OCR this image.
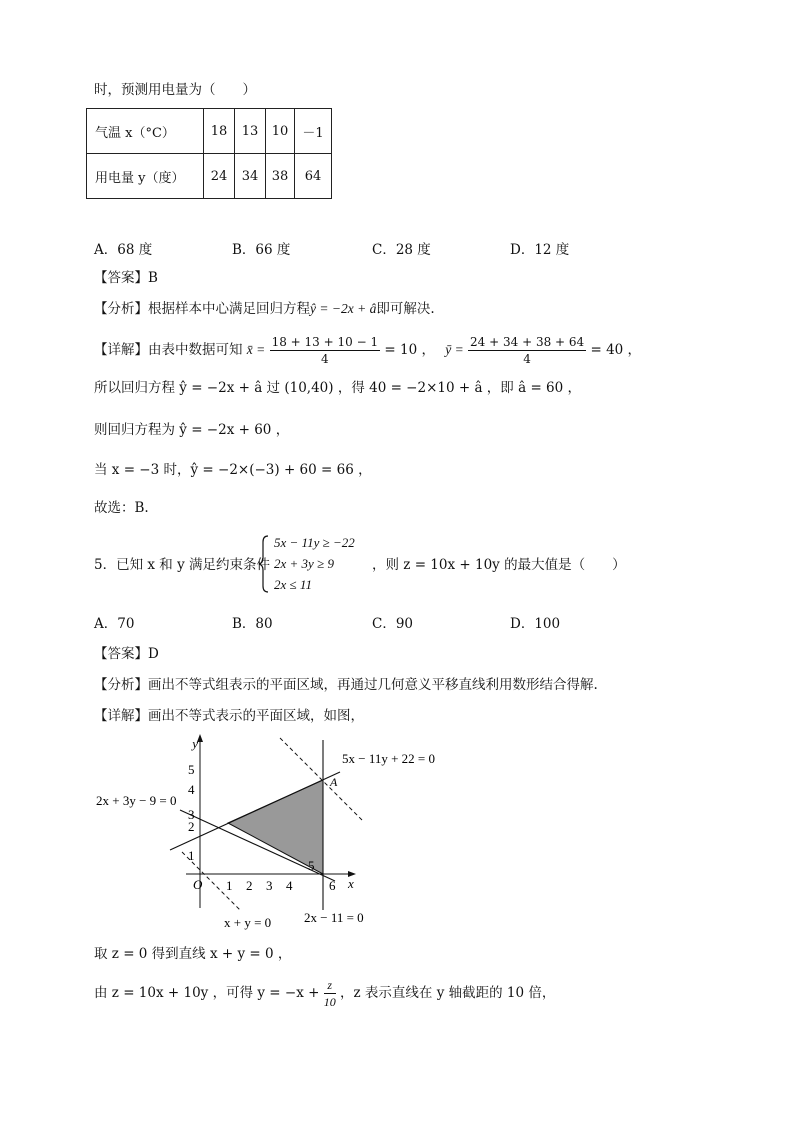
时，预测用电量为（　　）
气温 x（°C）	18	13	10	－1
用电量 y（度）	24	34	38	64
A．68 度	B．66 度	C．28 度	D．12 度
【答案】B
【分析】根据样本中心满足回归方程ŷ = −2x + â即可解决.
【详解】由表中数据可知 x̄ = $\frac{18 + 13 + 10 - 1}{4} = 10$ ， ȳ = $\frac{24 + 34 + 38 + 64}{4} = 40$ ，
所以回归方程 ŷ = −2x + â 过 (10,40) ，得 40 = −2×10 + â ，即 â = 60 ，
则回归方程为 ŷ = −2x + 60 ，
当 x = −3 时，ŷ = −2×(−3) + 60 = 66 ，
故选：B.
5．已知 x 和 y 满足约束条件
5x − 11y ≥ −22
2x + 3y ≥ 9
2x ≤ 11
，则 z = 10x + 10y 的最大值是（　　）
A．70	B．80	C．90	D．100
【答案】D
【分析】画出不等式组表示的平面区域，再通过几何意义平移直线利用数形结合得解.
【详解】画出不等式表示的平面区域，如图，
1
2
3
4
5
1 2 3 4
5
6
y
x
O
5x − 11y + 22 = 0
2x + 3y − 9 = 0
2x − 11 = 0
x + y = 0
A
取 z = 0 得到直线 x + y = 0 ，
由 z = 10x + 10y ，可得 $y = -x + \frac{z}{10}$ ，z 表示直线在 y 轴截距的 10 倍，
